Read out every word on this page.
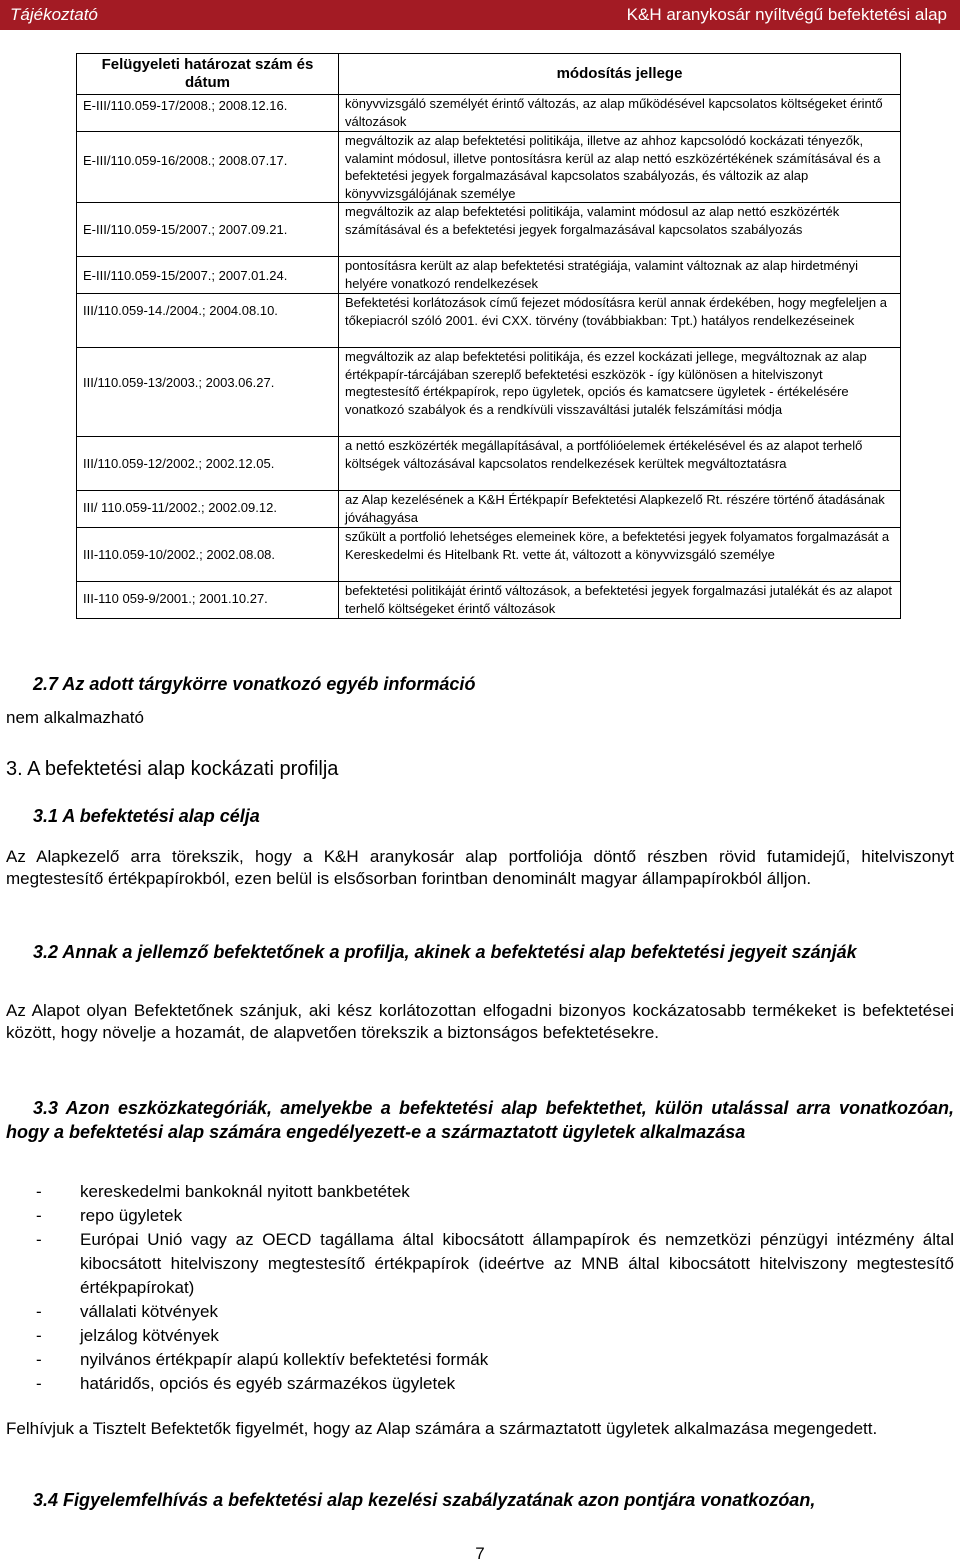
Tájékoztató	K&H aranykosár nyíltvégű befektetési alap
Felügyeleti határozat szám és dátum	módosítás jellege
E-III/110.059-17/2008.; 2008.12.16.	könyvvizsgáló személyét érintő változás, az alap működésével kapcsolatos költségeket érintő változások
E-III/110.059-16/2008.; 2008.07.17.	megváltozik az alap befektetési politikája, illetve az ahhoz kapcsolódó kockázati tényezők, valamint módosul, illetve pontosításra kerül az alap nettó eszközértékének számításával és a befektetési jegyek forgalmazásával kapcsolatos szabályozás, és változik az alap könyvvizsgálójának személye
E-III/110.059-15/2007.; 2007.09.21.	megváltozik az alap befektetési politikája, valamint módosul az alap nettó eszközérték számításával és a befektetési jegyek forgalmazásával kapcsolatos szabályozás
E-III/110.059-15/2007.; 2007.01.24.	pontosításra került az alap befektetési stratégiája, valamint változnak az alap hirdetményi helyére vonatkozó rendelkezések
III/110.059-14./2004.; 2004.08.10.	Befektetési korlátozások című fejezet módosításra kerül annak érdekében, hogy megfeleljen a tőkepiacról szóló 2001. évi CXX. törvény (továbbiakban: Tpt.) hatályos rendelkezéseinek
III/110.059-13/2003.; 2003.06.27.	megváltozik az alap befektetési politikája, és ezzel kockázati jellege, megváltoznak az alap értékpapír-tárcájában szereplő befektetési eszközök - így különösen a hitelviszonyt megtestesítő értékpapírok, repo ügyletek, opciós és kamatcsere ügyletek - értékelésére vonatkozó szabályok és a rendkívüli visszaváltási jutalék felszámítási módja
III/110.059-12/2002.; 2002.12.05.	a nettó eszközérték megállapításával, a portfólióelemek értékelésével és az alapot terhelő költségek változásával kapcsolatos rendelkezések kerültek megváltoztatásra
III/ 110.059-11/2002.; 2002.09.12.	az Alap kezelésének a K&H Értékpapír Befektetési Alapkezelő Rt. részére történő átadásának jóváhagyása
III-110.059-10/2002.; 2002.08.08.	szűkült a portfolió lehetséges elemeinek köre, a befektetési jegyek folyamatos forgalmazását a Kereskedelmi és Hitelbank Rt. vette át, változott a könyvvizsgáló személye
III-110 059-9/2001.; 2001.10.27.	befektetési politikáját érintő változások, a befektetési jegyek forgalmazási jutalékát és az alapot terhelő költségeket érintő változások
2.7 Az adott tárgykörre vonatkozó egyéb információ
nem alkalmazható
3. A befektetési alap kockázati profilja
3.1 A befektetési alap célja
Az Alapkezelő arra törekszik, hogy a K&H aranykosár alap portfoliója döntő részben rövid futamidejű, hitelviszonyt megtestesítő értékpapírokból, ezen belül is elsősorban forintban denominált magyar állampapírokból álljon.
3.2 Annak a jellemző befektetőnek a profilja, akinek a befektetési alap befektetési jegyeit szánják
Az Alapot olyan Befektetőnek szánjuk, aki kész korlátozottan elfogadni bizonyos kockázatosabb termékeket is befektetései között, hogy növelje a hozamát, de alapvetően törekszik a biztonságos befektetésekre.
3.3 Azon eszközkategóriák, amelyekbe a befektetési alap befektethet, külön utalással arra vonatkozóan, hogy a befektetési alap számára engedélyezett-e a származtatott ügyletek alkalmazása
- kereskedelmi bankoknál nyitott bankbetétek
- repo ügyletek
- Európai Unió vagy az OECD tagállama által kibocsátott állampapírok és nemzetközi pénzügyi intézmény által kibocsátott hitelviszony megtestesítő értékpapírok (ideértve az MNB által kibocsátott hitelviszony megtestesítő értékpapírokat)
- vállalati kötvények
- jelzálog kötvények
- nyilvános értékpapír alapú kollektív befektetési formák
- határidős, opciós és egyéb származékos ügyletek
Felhívjuk a Tisztelt Befektetők figyelmét, hogy az Alap számára a származtatott ügyletek alkalmazása megengedett.
3.4 Figyelemfelhívás a befektetési alap kezelési szabályzatának azon pontjára vonatkozóan,
7
